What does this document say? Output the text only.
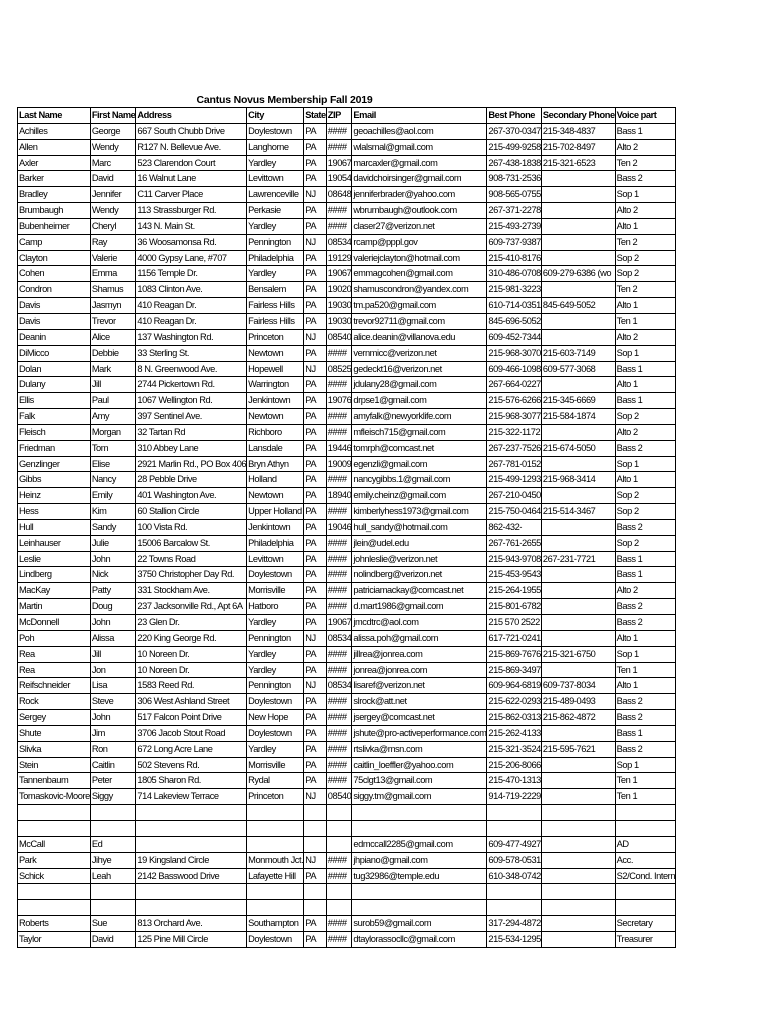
Cantus Novus Membership Fall 2019
Last Name	First Name	Address	City	State	ZIP	Email	Best Phone	Secondary Phone	Voice part
Achilles	George	667 South Chubb Drive	Doylestown	PA	####	geoachilles@aol.com	267-370-0347	215-348-4837	Bass 1
Allen	Wendy	R127 N. Bellevue Ave.	Langhorne	PA	####	wlalsmal@gmail.com	215-499-9258	215-702-8497	Alto 2
Axler	Marc	523 Clarendon Court	Yardley	PA	19067	marcaxler@gmail.com	267-438-1838	215-321-6523	Ten 2
Barker	David	16 Walnut Lane	Levittown	PA	19054	davidchoirsinger@gmail.com	908-731-2536		Bass 2
Bradley	Jennifer	C11 Carver Place	Lawrenceville	NJ	08648	jenniferbrader@yahoo.com	908-565-0755		Sop 1
Brumbaugh	Wendy	113 Strassburger Rd.	Perkasie	PA	####	wbrumbaugh@outlook.com	267-371-2278		Alto 2
Bubenheimer	Cheryl	143 N. Main St.	Yardley	PA	####	claser27@verizon.net	215-493-2739		Alto 1
Camp	Ray	36 Woosamonsa Rd.	Pennington	NJ	08534	rcamp@pppl.gov	609-737-9387		Ten 2
Clayton	Valerie	4000 Gypsy Lane, #707	Philadelphia	PA	19129	valeriejclayton@hotmail.com	215-410-8176		Sop 2
Cohen	Emma	1156 Temple Dr.	Yardley	PA	19067	emmagcohen@gmail.com	310-486-0708	609-279-6386 (wo	Sop 2
Condron	Shamus	1083 Clinton Ave.	Bensalem	PA	19020	shamuscondron@yandex.com	215-981-3223		Ten 2
Davis	Jasmyn	410 Reagan Dr.	Fairless Hills	PA	19030	tm.pa520@gmail.com	610-714-0351	845-649-5052	Alto 1
Davis	Trevor	410 Reagan Dr.	Fairless Hills	PA	19030	trevor92711@gmail.com	845-696-5052		Ten 1
Deanin	Alice	137 Washington Rd.	Princeton	NJ	08540	alice.deanin@villanova.edu	609-452-7344		Alto 2
DiMicco	Debbie	33 Sterling St.	Newtown	PA	####	vernmicc@verizon.net	215-968-3070	215-603-7149	Sop 1
Dolan	Mark	8 N. Greenwood Ave.	Hopewell	NJ	08525	gedeckt16@verizon.net	609-466-1098	609-577-3068	Bass 1
Dulany	Jill	2744 Pickertown Rd.	Warrington	PA	####	jdulany28@gmail.com	267-664-0227		Alto 1
Ellis	Paul	1067 Wellington Rd.	Jenkintown	PA	19076	drpse1@gmail.com	215-576-6266	215-345-6669	Bass 1
Falk	Amy	397 Sentinel Ave.	Newtown	PA	####	amyfalk@newyorklife.com	215-968-3077	215-584-1874	Sop 2
Fleisch	Morgan	32 Tartan Rd	Richboro	PA	####	mfleisch715@gmail.com	215-322-1172		Alto 2
Friedman	Tom	310 Abbey Lane	Lansdale	PA	19446	tomrph@comcast.net	267-237-7526	215-674-5050	Bass 2
Genzlinger	Elise	2921 Marlin Rd., PO Box 406	Bryn Athyn	PA	19009	egenzli@gmail.com	267-781-0152		Sop 1
Gibbs	Nancy	28 Pebble Drive	Holland	PA	####	nancygibbs.1@gmail.com	215-499-1293	215-968-3414	Alto 1
Heinz	Emily	401 Washington Ave.	Newtown	PA	18940	emily.cheinz@gmail.com	267-210-0450		Sop 2
Hess	Kim	60 Stallion Circle	Upper Holland	PA	####	kimberlyhess1973@gmail.com	215-750-0464	215-514-3467	Sop 2
Hull	Sandy	100 Vista Rd.	Jenkintown	PA	19046	hull_sandy@hotmail.com	862-432-		Bass 2
Leinhauser	Julie	15006 Barcalow St.	Philadelphia	PA	####	jlein@udel.edu	267-761-2655		Sop 2
Leslie	John	22 Towns Road	Levittown	PA	####	johnleslie@verizon.net	215-943-9708	267-231-7721	Bass 1
Lindberg	Nick	3750 Christopher Day Rd.	Doylestown	PA	####	nolindberg@verizon.net	215-453-9543		Bass 1
MacKay	Patty	331 Stockham Ave.	Morrisville	PA	####	patriciamackay@comcast.net	215-264-1955		Alto 2
Martin	Doug	237 Jacksonville Rd., Apt 6A	Hatboro	PA	####	d.mart1986@gmail.com	215-801-6782		Bass 2
McDonnell	John	23 Glen Dr.	Yardley	PA	19067	jmcdtrc@aol.com	215 570 2522		Bass 2
Poh	Alissa	220 King George Rd.	Pennington	NJ	08534	alissa.poh@gmail.com	617-721-0241		Alto 1
Rea	Jill	10 Noreen Dr.	Yardley	PA	####	jillrea@jonrea.com	215-869-7676	215-321-6750	Sop 1
Rea	Jon	10 Noreen Dr.	Yardley	PA	####	jonrea@jonrea.com	215-869-3497		Ten 1
Reifschneider	Lisa	1583 Reed Rd.	Pennington	NJ	08534	lisaref@verizon.net	609-964-6819	609-737-8034	Alto 1
Rock	Steve	306 West Ashland Street	Doylestown	PA	####	slrock@att.net	215-622-0293	215-489-0493	Bass 2
Sergey	John	517 Falcon Point Drive	New Hope	PA	####	jsergey@comcast.net	215-862-0313	215-862-4872	Bass 2
Shute	Jim	3706 Jacob Stout Road	Doylestown	PA	####	jshute@pro-activeperformance.com	215-262-4133		Bass 1
Slivka	Ron	672 Long Acre Lane	Yardley	PA	####	rtslivka@msn.com	215-321-3524	215-595-7621	Bass 2
Stein	Caitlin	502 Stevens Rd.	Morrisville	PA	####	caitlin_loeffler@yahoo.com	215-206-8066		Sop 1
Tannenbaum	Peter	1805 Sharon Rd.	Rydal	PA	####	75clgt13@gmail.com	215-470-1313		Ten 1
Tomaskovic-Moore	Siggy	714 Lakeview Terrace	Princeton	NJ	08540	siggy.tm@gmail.com	914-719-2229		Ten 1

McCall	Ed					edmccall2285@gmail.com	609-477-4927		AD
Park	Jihye	19 Kingsland Circle	Monmouth Jct.	NJ	####	jhpiano@gmail.com	609-578-0531		Acc.
Schick	Leah	2142 Basswood Drive	Lafayette Hill	PA	####	tug32986@temple.edu	610-348-0742		S2/Cond. Intern

Roberts	Sue	813 Orchard Ave.	Southampton	PA	####	surob59@gmail.com	317-294-4872		Secretary
Taylor	David	125 Pine Mill Circle	Doylestown	PA	####	dtaylorassocllc@gmail.com	215-534-1295		Treasurer
